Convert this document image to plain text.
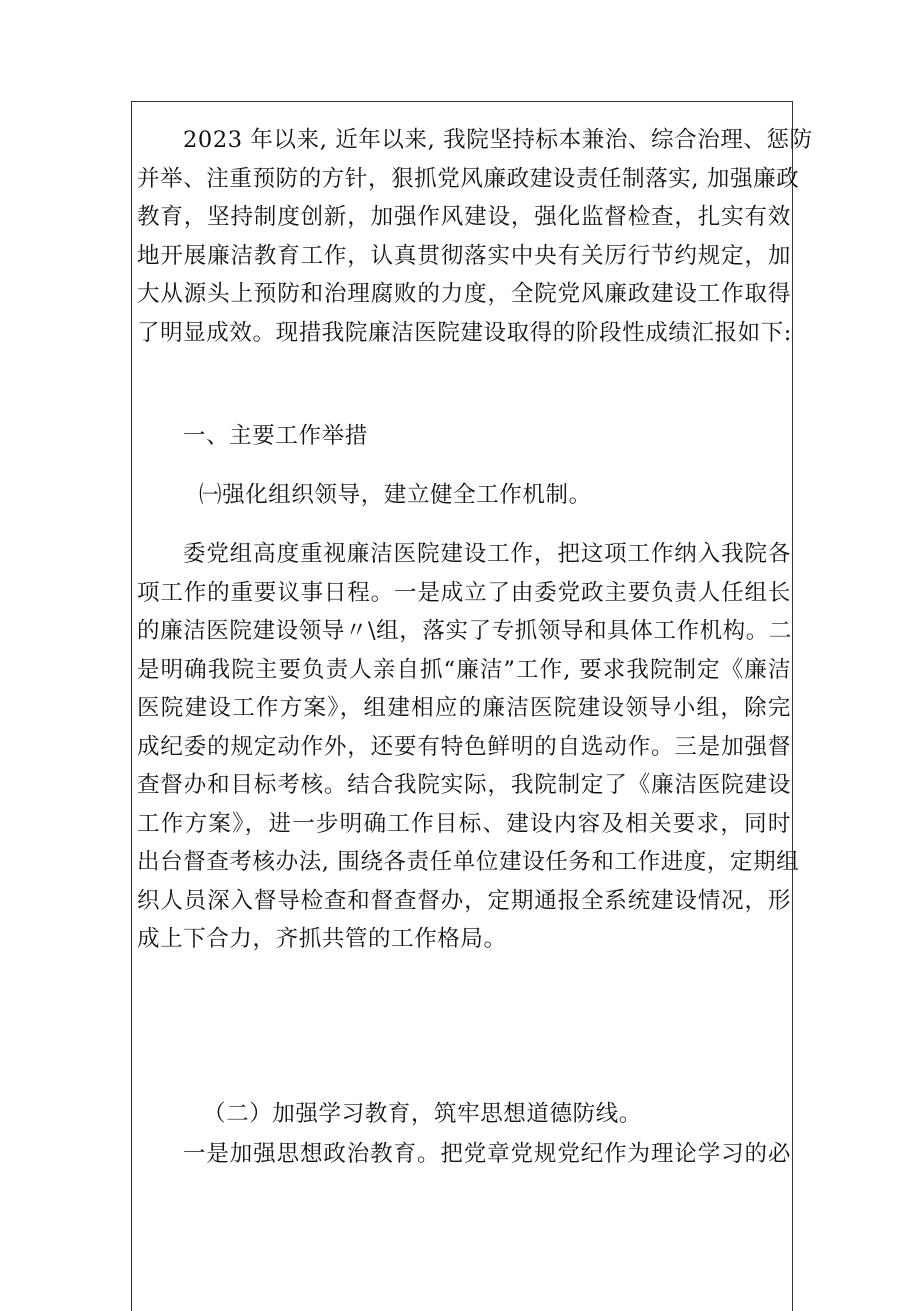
2023 年以来, 近年以来, 我院坚持标本兼治、综合治理、惩防
并举、注重预防的方针，狠抓党风廉政建设责任制落实, 加强廉政
教育，坚持制度创新，加强作风建设，强化监督检查，扎实有效
地开展廉洁教育工作，认真贯彻落实中央有关厉行节约规定，加
大从源头上预防和治理腐败的力度，全院党风廉政建设工作取得
了明显成效。现措我院廉洁医院建设取得的阶段性成绩汇报如下:
一、主要工作举措
㈠强化组织领导，建立健全工作机制。
委党组高度重视廉洁医院建设工作，把这项工作纳入我院各
项工作的重要议事日程。一是成立了由委党政主要负责人任组长
的廉洁医院建设领导〃\组，落实了专抓领导和具体工作机构。二
是明确我院主要负责人亲自抓“廉洁”工作, 要求我院制定《廉洁
医院建设工作方案》，组建相应的廉洁医院建设领导小组，除完
成纪委的规定动作外，还要有特色鲜明的自选动作。三是加强督
查督办和目标考核。结合我院实际，我院制定了《廉洁医院建设
工作方案》，进一步明确工作目标、建设内容及相关要求，同时
出台督查考核办法, 围绕各责任单位建设任务和工作进度，定期组
织人员深入督导检查和督查督办，定期通报全系统建设情况，形
成上下合力，齐抓共管的工作格局。
（二）加强学习教育，筑牢思想道德防线。
一是加强思想政治教育。把党章党规党纪作为理论学习的必
